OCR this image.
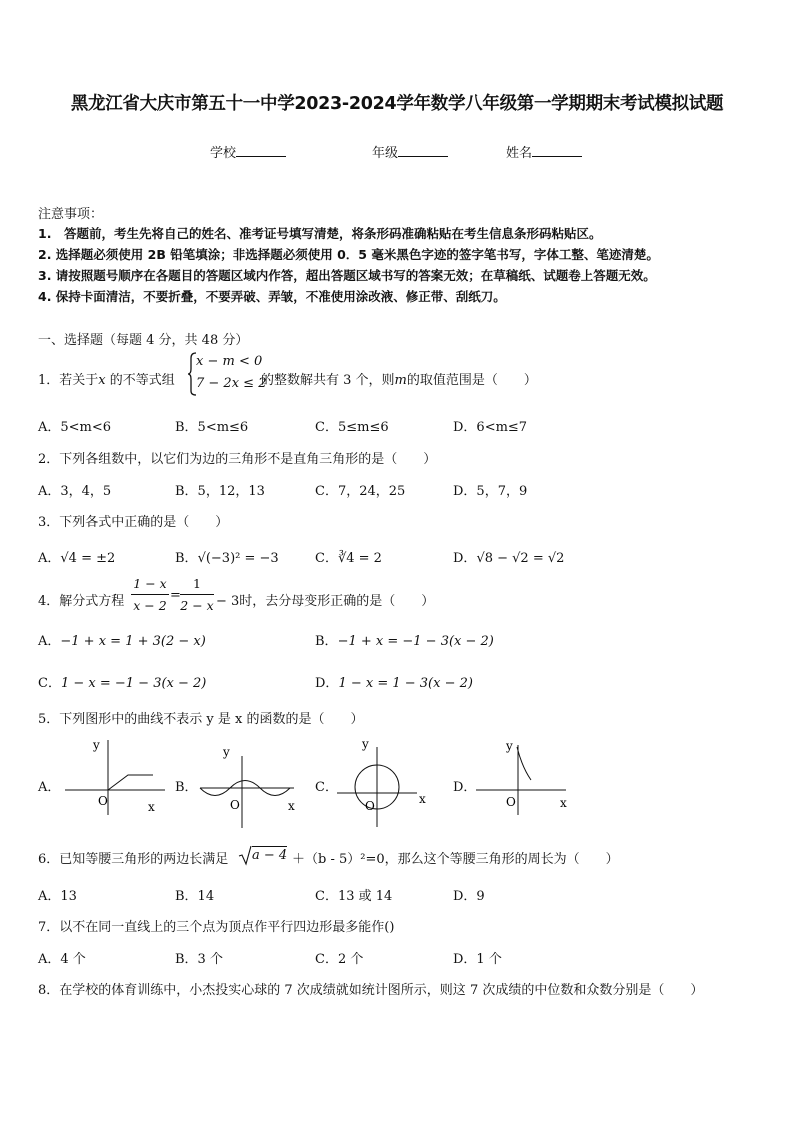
黑龙江省大庆市第五十一中学2023-2024学年数学八年级第一学期期末考试模拟试题
学校	年级	姓名
注意事项：
1.　答题前，考生先将自己的姓名、准考证号填写清楚，将条形码准确粘贴在考生信息条形码粘贴区。
2. 选择题必须使用 2B 铅笔填涂；非选择题必须使用 0．5 毫米黑色字迹的签字笔书写，字体工整、笔迹清楚。
3. 请按照题号顺序在各题目的答题区域内作答，超出答题区域书写的答案无效；在草稿纸、试题卷上答题无效。
4. 保持卡面清洁，不要折叠，不要弄破、弄皱，不准使用涂改液、修正带、刮纸刀。
一、选择题（每题 4 分，共 48 分）
1．若关于x 的不等式组
x − m < 0
7 − 2x ≤ 2
的整数解共有 3 个，则m的取值范围是（　　）
A．5<m<6	B．5<m≤6	C．5≤m≤6	D．6<m≤7
2．下列各组数中，以它们为边的三角形不是直角三角形的是（　　）
A．3，4，5	B．5，12，13	C．7，24，25	D．5，7，9
3．下列各式中正确的是（　　）
A．√4 = ±2	B．√(−3)² = −3	C．∛4 = 2	D．√8 − √2 = √2
4．解分式方程
1 − x
x − 2
=
1
2 − x − 3时，去分母变形正确的是（　　）
A．−1 + x = 1 + 3(2 − x)	B．−1 + x = −1 − 3(x − 2)
C．1 − x = −1 − 3(x − 2)	D．1 − x = 1 − 3(x − 2)
5．下列图形中的曲线不表示 y 是 x 的函数的是（　　）
A．	B．	C．	D．
y
O	x
y
O	x
y
O	x
y
O	x
6．已知等腰三角形的两边长满足 a − 4 ＋（b - 5）²=0，那么这个等腰三角形的周长为（　　）
A．13	B．14	C．13 或 14	D．9
7．以不在同一直线上的三个点为顶点作平行四边形最多能作()
A．4 个	B．3 个	C．2 个	D．1 个
8．在学校的体育训练中，小杰投实心球的 7 次成绩就如统计图所示，则这 7 次成绩的中位数和众数分别是（　　）
